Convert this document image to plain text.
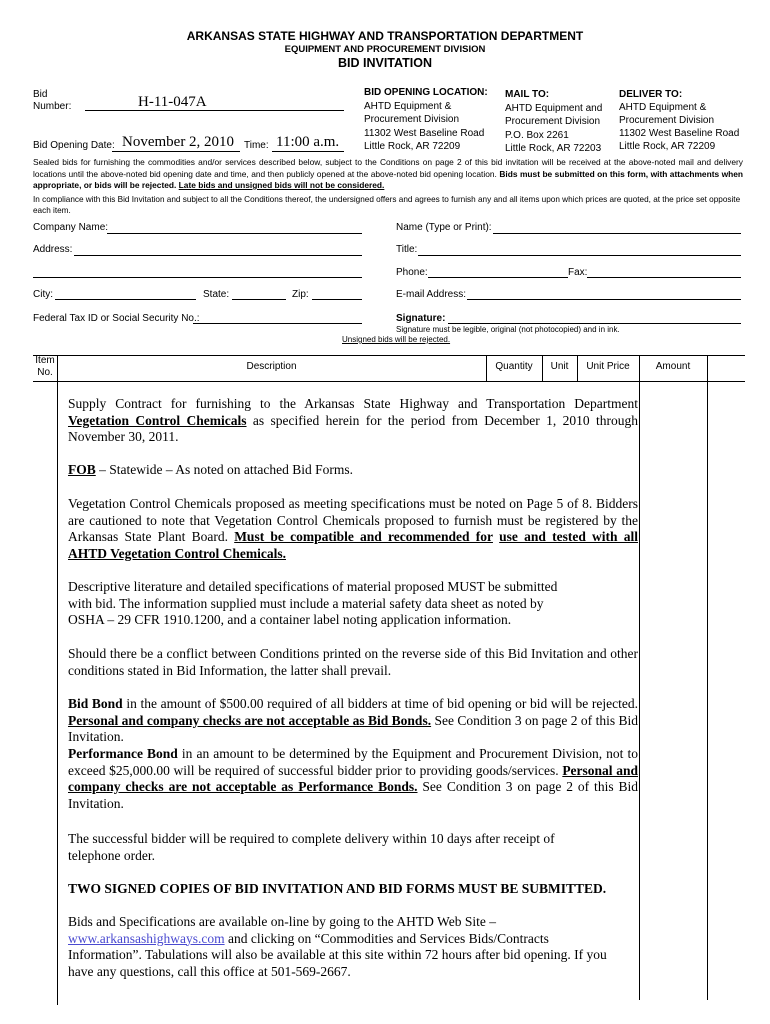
ARKANSAS STATE HIGHWAY AND TRANSPORTATION DEPARTMENT
EQUIPMENT AND PROCUREMENT DIVISION
BID INVITATION
Bid
Number:	H-11-047A
Bid Opening Date: November 2, 2010 Time: 11:00 a.m.
BID OPENING LOCATION:
AHTD Equipment &
Procurement Division
11302 West Baseline Road
Little Rock, AR 72209
MAIL TO:
AHTD Equipment and
Procurement Division
P.O. Box 2261
Little Rock, AR 72203
DELIVER TO:
AHTD Equipment &
Procurement Division
11302 West Baseline Road
Little Rock, AR 72209
Sealed bids for furnishing the commodities and/or services described below, subject to the Conditions on page 2 of this bid invitation will be received at the above-noted mail and delivery locations until the above-noted bid opening date and time, and then publicly opened at the above-noted bid opening location. Bids must be submitted on this form, with attachments when appropriate, or bids will be rejected. Late bids and unsigned bids will not be considered.
In compliance with this Bid Invitation and subject to all the Conditions thereof, the undersigned offers and agrees to furnish any and all items upon which prices are quoted, at the price set opposite each item.
Company Name:	Name (Type or Print):
Address:	Title:
Phone:	Fax:
City:	State:	Zip:	E-mail Address:
Federal Tax ID or Social Security No.:	Signature:
Signature must be legible, original (not photocopied) and in ink.
Unsigned bids will be rejected.
Item
No.
Description	Quantity	Unit	Unit Price	Amount
Supply Contract for furnishing to the Arkansas State Highway and Transportation Department Vegetation Control Chemicals as specified herein for the period from December 1, 2010 through November 30, 2011.
FOB – Statewide – As noted on attached Bid Forms.
Vegetation Control Chemicals proposed as meeting specifications must be noted on Page 5 of 8. Bidders are cautioned to note that Vegetation Control Chemicals proposed to furnish must be registered by the Arkansas State Plant Board. Must be compatible and recommended for use and tested with all AHTD Vegetation Control Chemicals.
Descriptive literature and detailed specifications of material proposed MUST be submitted
with bid. The information supplied must include a material safety data sheet as noted by
OSHA – 29 CFR 1910.1200, and a container label noting application information.
Should there be a conflict between Conditions printed on the reverse side of this Bid Invitation and other conditions stated in Bid Information, the latter shall prevail.
Bid Bond in the amount of $500.00 required of all bidders at time of bid opening or bid will be rejected. Personal and company checks are not acceptable as Bid Bonds. See Condition 3 on page 2 of this Bid Invitation.
Performance Bond in an amount to be determined by the Equipment and Procurement Division, not to exceed $25,000.00 will be required of successful bidder prior to providing goods/services. Personal and company checks are not acceptable as Performance Bonds. See Condition 3 on page 2 of this Bid Invitation.
The successful bidder will be required to complete delivery within 10 days after receipt of
telephone order.
TWO SIGNED COPIES OF BID INVITATION AND BID FORMS MUST BE SUBMITTED.
Bids and Specifications are available on-line by going to the AHTD Web Site –
www.arkansashighways.com and clicking on “Commodities and Services Bids/Contracts
Information”. Tabulations will also be available at this site within 72 hours after bid opening. If you
have any questions, call this office at 501-569-2667.
